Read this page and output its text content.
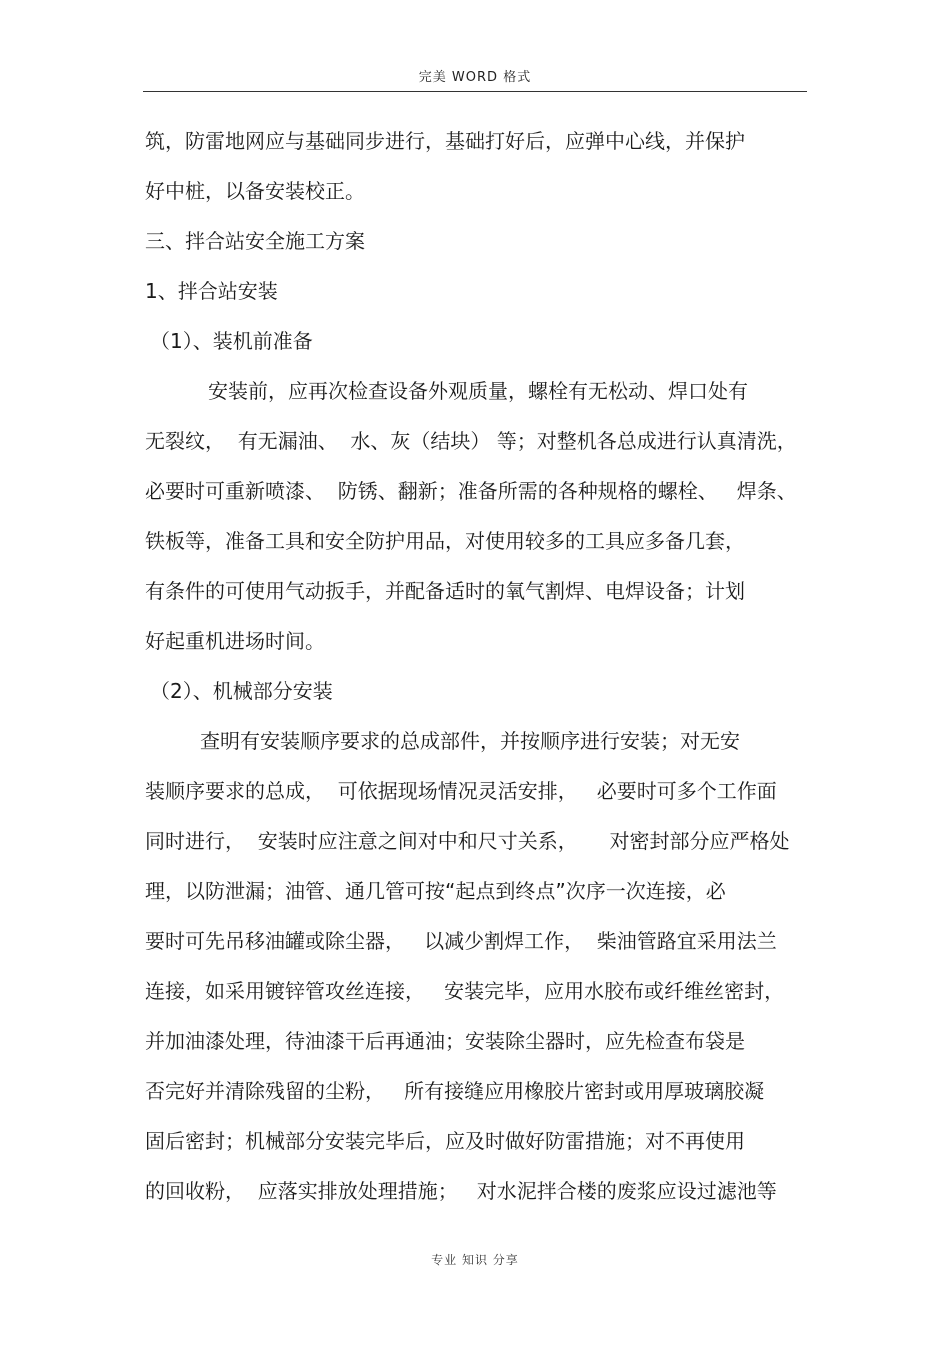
完美 WORD 格式
筑，防雷地网应与基础同步进行，基础打好后，应弹中心线，并保护
好中桩，以备安装校正。
三、拌合站安全施工方案
1、拌合站安装
（1）、装机前准备
安装前，应再次检查设备外观质量，螺栓有无松动、焊口处有
无裂纹，  有无漏油、  水、灰（结块） 等；对整机各总成进行认真清洗，
必要时可重新喷漆、  防锈、翻新；准备所需的各种规格的螺栓、   焊条、
铁板等，准备工具和安全防护用品，对使用较多的工具应多备几套，
有条件的可使用气动扳手，并配备适时的氧气割焊、电焊设备；计划
好起重机进场时间。
（2）、机械部分安装
查明有安装顺序要求的总成部件，并按顺序进行安装；对无安
装顺序要求的总成，  可依据现场情况灵活安排，   必要时可多个工作面
同时进行，  安装时应注意之间对中和尺寸关系，     对密封部分应严格处
理，以防泄漏；油管、通几管可按“起点到终点”次序一次连接，必
要时可先吊移油罐或除尘器，   以减少割焊工作，  柴油管路宜采用法兰
连接，如采用镀锌管攻丝连接，   安装完毕，应用水胶布或纤维丝密封，
并加油漆处理，待油漆干后再通油；安装除尘器时，应先检查布袋是
否完好并清除残留的尘粉，   所有接缝应用橡胶片密封或用厚玻璃胶凝
固后密封；机械部分安装完毕后，应及时做好防雷措施；对不再使用
的回收粉，  应落实排放处理措施；   对水泥拌合楼的废浆应设过滤池等
专业 知识 分享
